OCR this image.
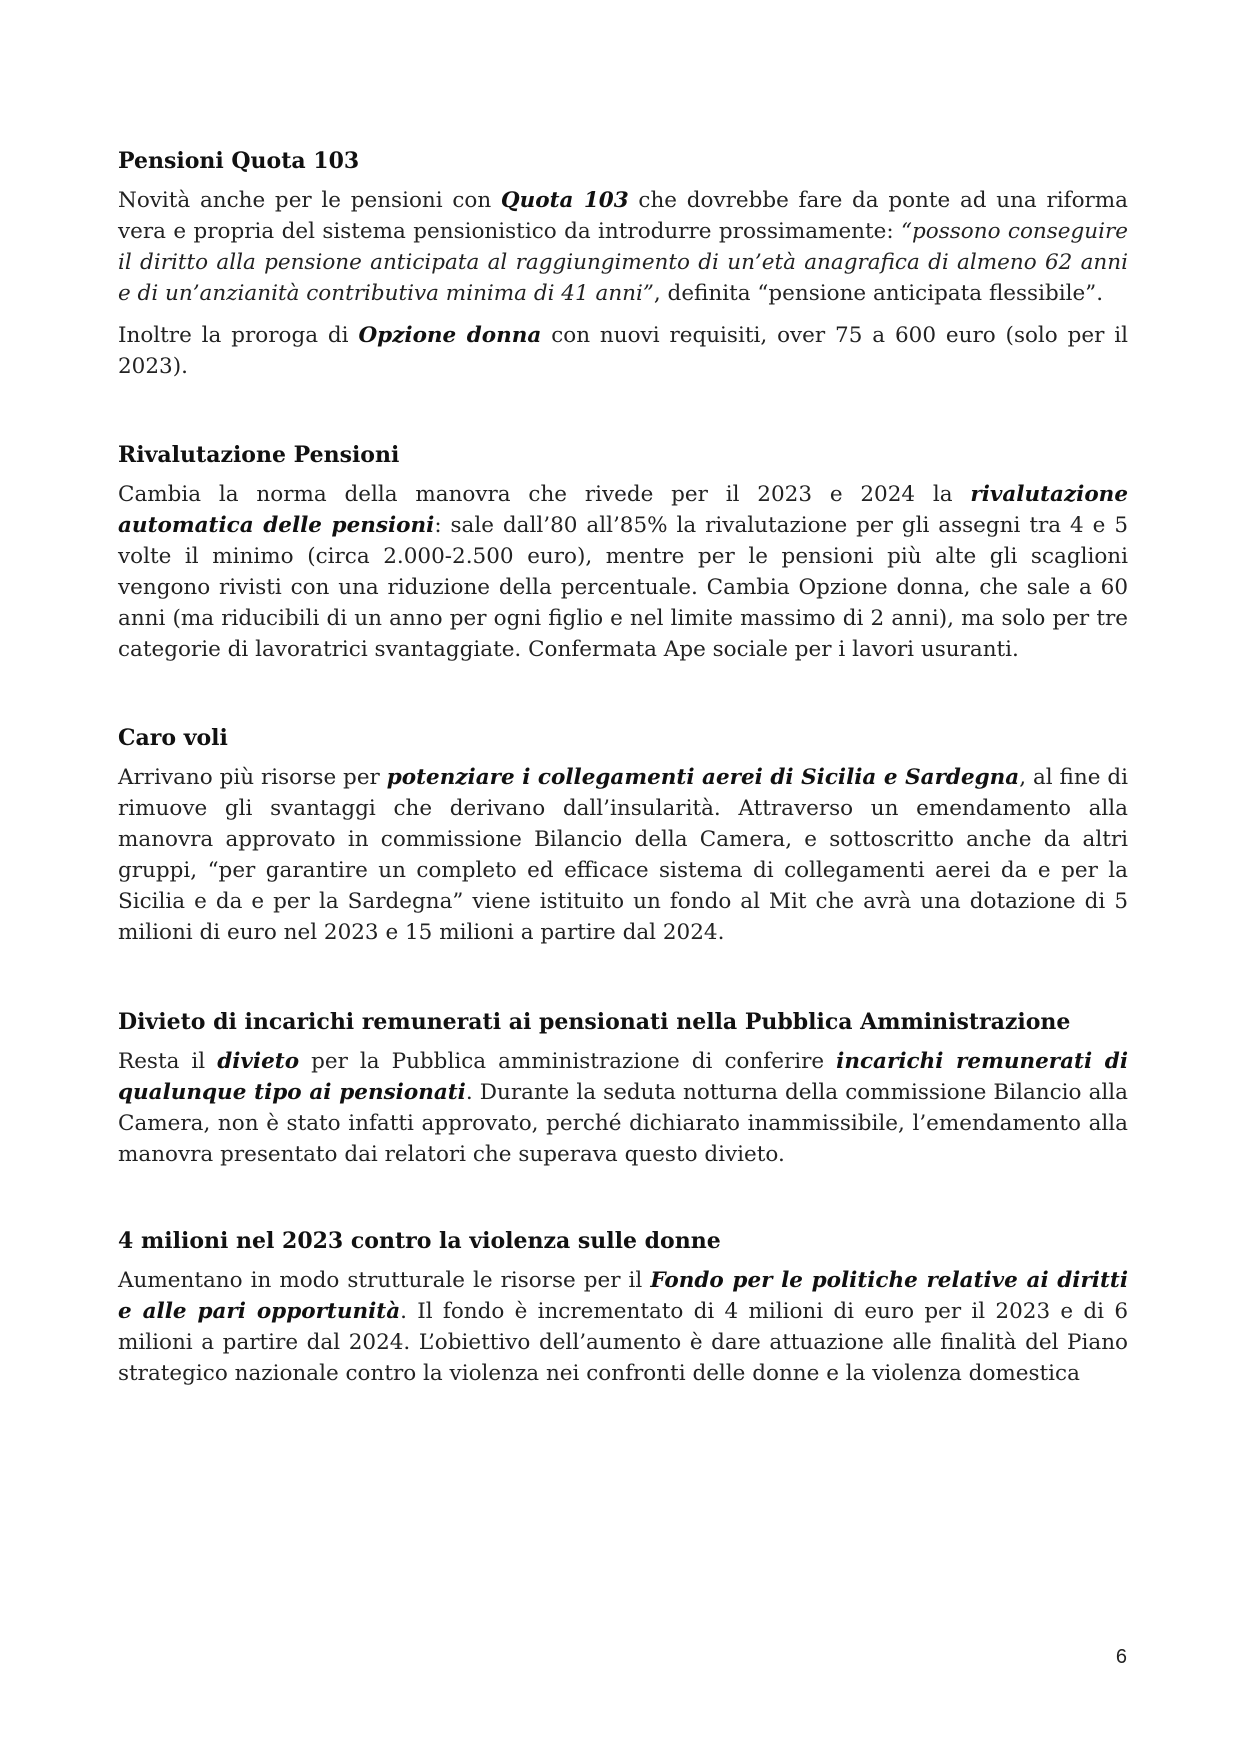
Pensioni Quota 103

Novità anche per le pensioni con Quota 103 che dovrebbe fare da ponte ad una riforma vera e propria del sistema pensionistico da introdurre prossimamente: “possono conseguire il diritto alla pensione anticipata al raggiungimento di un’età anagrafica di almeno 62 anni e di un’anzianità contributiva minima di 41 anni”, definita “pensione anticipata flessibile”.

Inoltre la proroga di Opzione donna con nuovi requisiti, over 75 a 600 euro (solo per il 2023).

Rivalutazione Pensioni

Cambia la norma della manovra che rivede per il 2023 e 2024 la rivalutazione automatica delle pensioni: sale dall’80 all’85% la rivalutazione per gli assegni tra 4 e 5 volte il minimo (circa 2.000-2.500 euro), mentre per le pensioni più alte gli scaglioni vengono rivisti con una riduzione della percentuale. Cambia Opzione donna, che sale a 60 anni (ma riducibili di un anno per ogni figlio e nel limite massimo di 2 anni), ma solo per tre categorie di lavoratrici svantaggiate. Confermata Ape sociale per i lavori usuranti.

Caro voli

Arrivano più risorse per potenziare i collegamenti aerei di Sicilia e Sardegna, al fine di rimuove gli svantaggi che derivano dall’insularità. Attraverso un emendamento alla manovra approvato in commissione Bilancio della Camera, e sottoscritto anche da altri gruppi, “per garantire un completo ed efficace sistema di collegamenti aerei da e per la Sicilia e da e per la Sardegna” viene istituito un fondo al Mit che avrà una dotazione di 5 milioni di euro nel 2023 e 15 milioni a partire dal 2024.

Divieto di incarichi remunerati ai pensionati nella Pubblica Amministrazione

Resta il divieto per la Pubblica amministrazione di conferire incarichi remunerati di qualunque tipo ai pensionati. Durante la seduta notturna della commissione Bilancio alla Camera, non è stato infatti approvato, perché dichiarato inammissibile, l’emendamento alla manovra presentato dai relatori che superava questo divieto.

4 milioni nel 2023 contro la violenza sulle donne

Aumentano in modo strutturale le risorse per il Fondo per le politiche relative ai diritti e alle pari opportunità. Il fondo è incrementato di 4 milioni di euro per il 2023 e di 6 milioni a partire dal 2024. L’obiettivo dell’aumento è dare attuazione alle finalità del Piano strategico nazionale contro la violenza nei confronti delle donne e la violenza domestica

6
